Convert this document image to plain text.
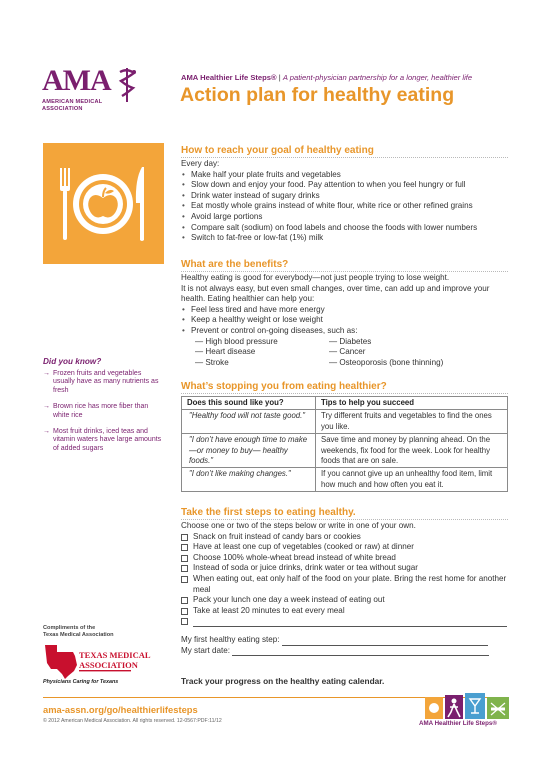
AMA
AMERICAN MEDICAL
ASSOCIATION
AMA Healthier Life Steps® | A patient-physician partnership for a longer, healthier life
Action plan for healthy eating
How to reach your goal of healthy eating
Every day:
• Make half your plate fruits and vegetables
• Slow down and enjoy your food. Pay attention to when you feel hungry or full
• Drink water instead of sugary drinks
• Eat mostly whole grains instead of white flour, white rice or other refined grains
• Avoid large portions
• Compare salt (sodium) on food labels and choose the foods with lower numbers
• Switch to fat-free or low-fat (1%) milk
What are the benefits?
Healthy eating is good for everybody—not just people trying to lose weight.
It is not always easy, but even small changes, over time, can add up and improve your health. Eating healthier can help you:
• Feel less tired and have more energy
• Keep a healthy weight or lose weight
• Prevent or control on-going diseases, such as:
— High blood pressure	— Diabetes
— Heart disease	— Cancer
— Stroke	— Osteoporosis (bone thinning)
Did you know?
→ Frozen fruits and vegetables usually have as many nutrients as fresh
→ Brown rice has more fiber than white rice
→ Most fruit drinks, iced teas and vitamin waters have large amounts of added sugars
What’s stopping you from eating healthier?
Does this sound like you?	Tips to help you succeed
"Healthy food will not taste good."	Try different fruits and vegetables to find the ones you like.
"I don’t have enough time to make—or money to buy— healthy foods."	Save time and money by planning ahead. On the weekends, fix food for the week. Look for healthy foods that are on sale.
"I don’t like making changes."	If you cannot give up an unhealthy food item, limit how much and how often you eat it.
Take the first steps to eating healthy.
Choose one or two of the steps below or write in one of your own.
Snack on fruit instead of candy bars or cookies
Have at least one cup of vegetables (cooked or raw) at dinner
Choose 100% whole-wheat bread instead of white bread
Instead of soda or juice drinks, drink water or tea without sugar
When eating out, eat only half of the food on your plate. Bring the rest home for another meal
Pack your lunch one day a week instead of eating out
Take at least 20 minutes to eat every meal
My first healthy eating step:
My start date:
Track your progress on the healthy eating calendar.
Compliments of the
Texas Medical Association
TEXAS MEDICAL
ASSOCIATION
Physicians Caring for Texans
ama-assn.org/go/healthierlifesteps
© 2012 American Medical Association. All rights reserved. 12-0567:PDF:11/12	AMA Healthier Life Steps®
